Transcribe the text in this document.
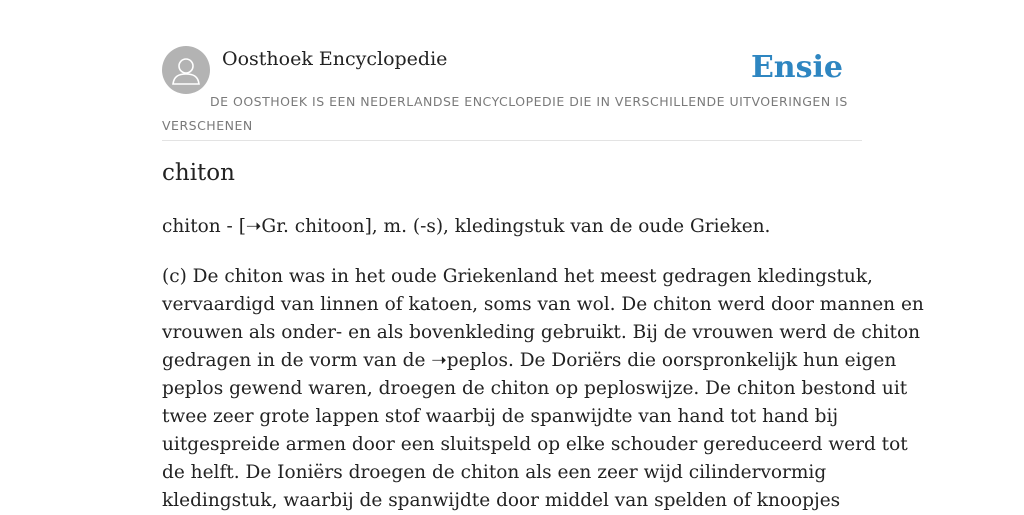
Oosthoek Encyclopedie	Ensie

DE OOSTHOEK IS EEN NEDERLANDSE ENCYCLOPEDIE DIE IN VERSCHILLENDE UITVOERINGEN IS VERSCHENEN

chiton

chiton - [➝Gr. chitoon], m. (-s), kledingstuk van de oude Grieken.

(c) De chiton was in het oude Griekenland het meest gedragen kledingstuk,
vervaardigd van linnen of katoen, soms van wol. De chiton werd door mannen en
vrouwen als onder- en als bovenkleding gebruikt. Bij de vrouwen werd de chiton
gedragen in de vorm van de ➝peplos. De Doriërs die oorspronkelijk hun eigen
peplos gewend waren, droegen de chiton op peploswijze. De chiton bestond uit
twee zeer grote lappen stof waarbij de spanwijdte van hand tot hand bij
uitgespreide armen door een sluitspeld op elke schouder gereduceerd werd tot
de helft. De Ioniërs droegen de chiton als een zeer wijd cilindervormig
kledingstuk, waarbij de spanwijdte door middel van spelden of knoopjes
